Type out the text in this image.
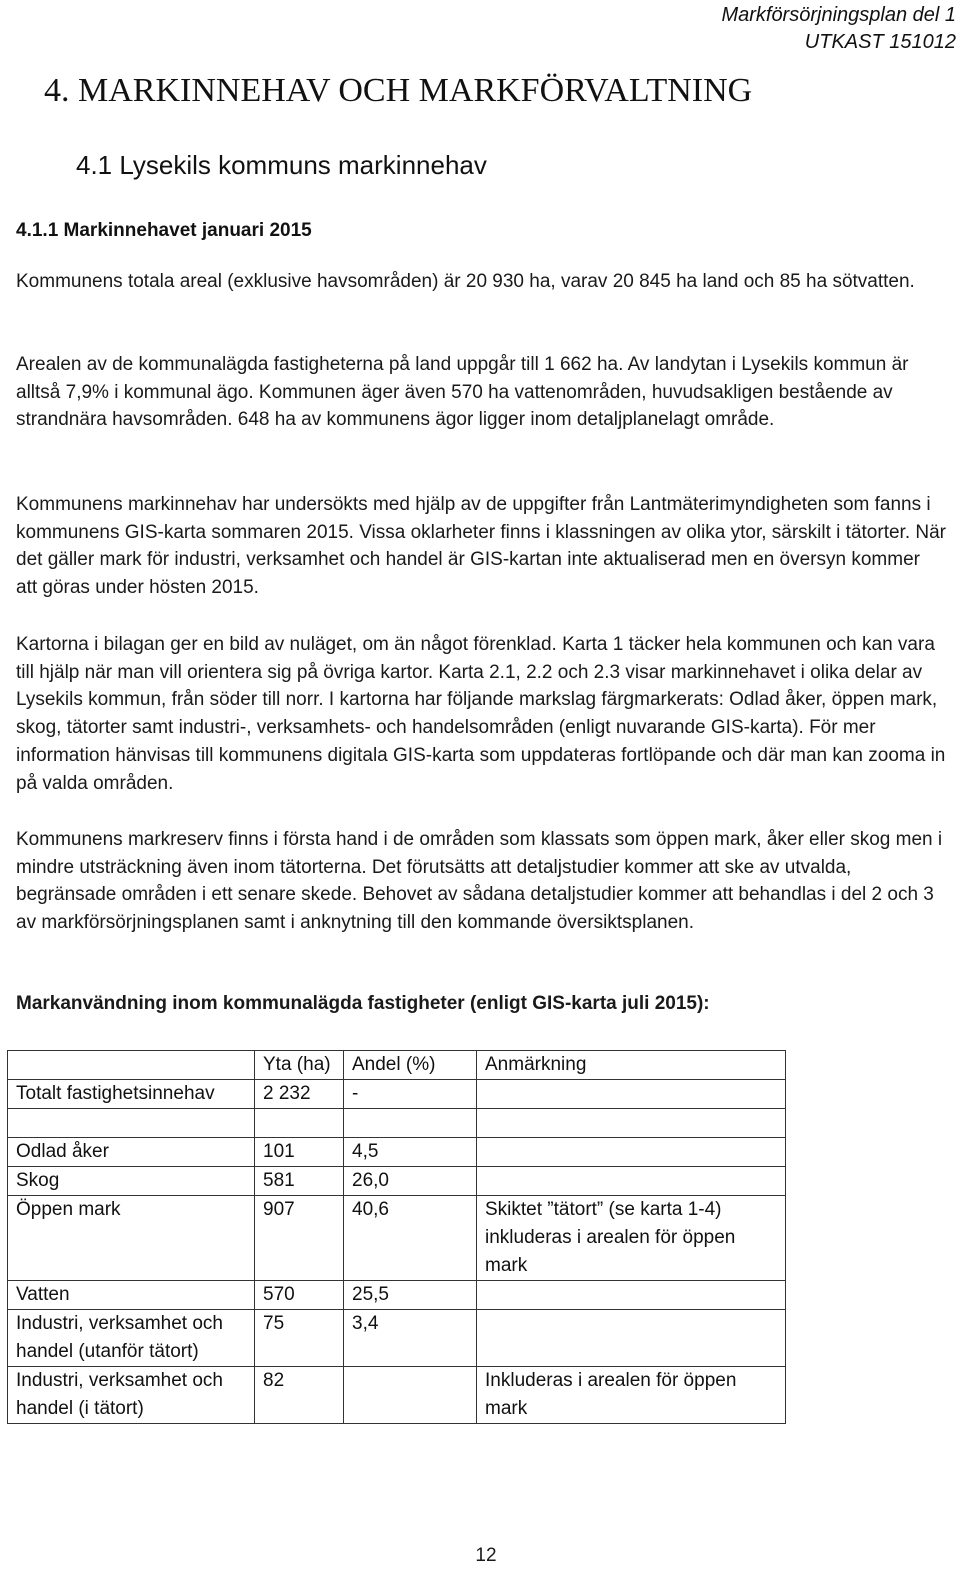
Markförsörjningsplan del 1
UTKAST 151012
4. MARKINNEHAV OCH MARKFÖRVALTNING
4.1 Lysekils kommuns markinnehav
4.1.1 Markinnehavet januari 2015

Kommunens totala areal (exklusive havsområden) är 20 930 ha, varav 20 845 ha land och 85 ha sötvatten.

Arealen av de kommunalägda fastigheterna på land uppgår till 1 662 ha. Av landytan i Lysekils kommun är alltså 7,9% i kommunal ägo. Kommunen äger även 570 ha vattenområden, huvudsakligen bestående av strandnära havsområden. 648 ha av kommunens ägor ligger inom detaljplanelagt område.

Kommunens markinnehav har undersökts med hjälp av de uppgifter från Lantmäterimyndigheten som fanns i kommunens GIS-karta sommaren 2015. Vissa oklarheter finns i klassningen av olika ytor, särskilt i tätorter. När det gäller mark för industri, verksamhet och handel är GIS-kartan inte aktualiserad men en översyn kommer att göras under hösten 2015.

Kartorna i bilagan ger en bild av nuläget, om än något förenklad. Karta 1 täcker hela kommunen och kan vara till hjälp när man vill orientera sig på övriga kartor. Karta 2.1, 2.2 och 2.3 visar markinnehavet i olika delar av Lysekils kommun, från söder till norr. I kartorna har följande markslag färgmarkerats: Odlad åker, öppen mark, skog, tätorter samt industri-, verksamhets- och handelsområden (enligt nuvarande GIS-karta). För mer information hänvisas till kommunens digitala GIS-karta som uppdateras fortlöpande och där man kan zooma in på valda områden.

Kommunens markreserv finns i första hand i de områden som klassats som öppen mark, åker eller skog men i mindre utsträckning även inom tätorterna. Det förutsätts att detaljstudier kommer att ske av utvalda, begränsade områden i ett senare skede. Behovet av sådana detaljstudier kommer att behandlas i del 2 och 3 av markförsörjningsplanen samt i anknytning till den kommande översiktsplanen.

Markanvändning inom kommunalägda fastigheter (enligt GIS-karta juli 2015):
	Yta (ha)	Andel (%)	Anmärkning
Totalt fastighetsinnehav	2 232	-	

Odlad åker	101	4,5	
Skog	581	26,0	
Öppen mark	907	40,6	Skiktet ”tätort” (se karta 1-4) inkluderas i arealen för öppen mark
Vatten	570	25,5	
Industri, verksamhet och handel (utanför tätort)	75	3,4	
Industri, verksamhet och handel (i tätort)	82		Inkluderas i arealen för öppen mark
12
